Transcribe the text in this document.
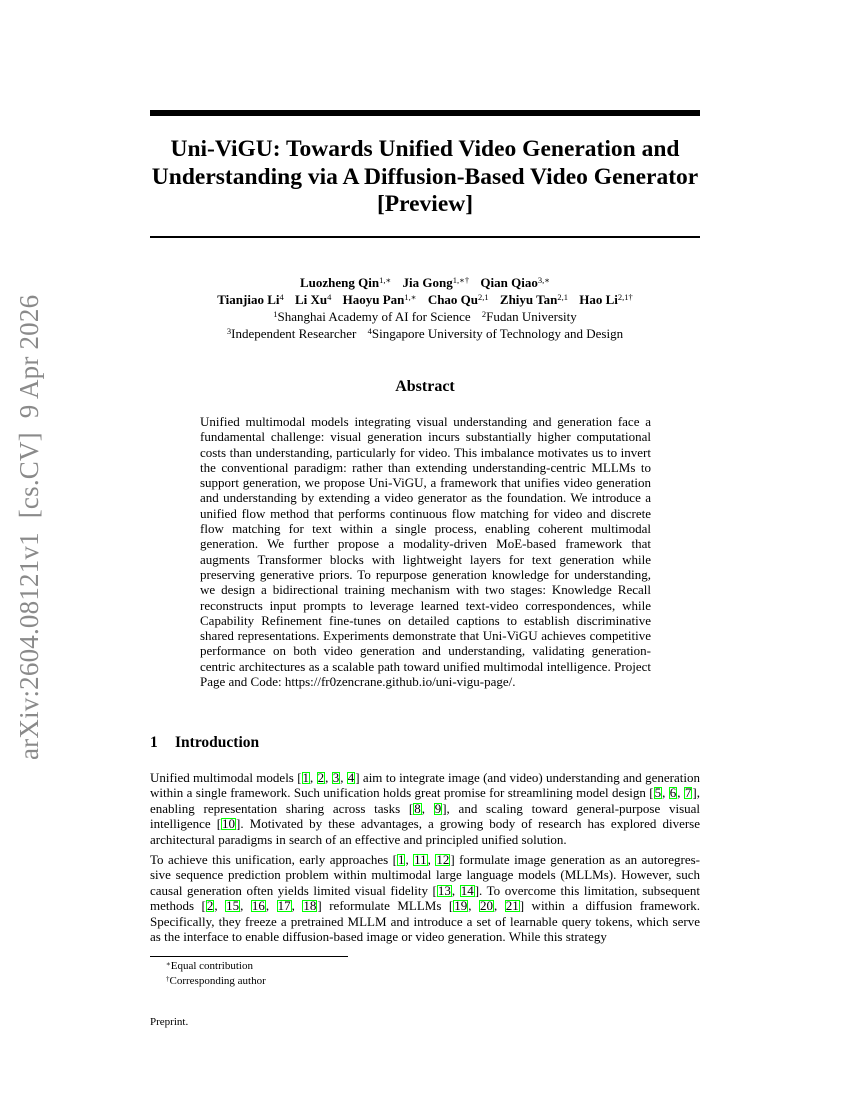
arXiv:2604.08121v1  [cs.CV]  9 Apr 2026
Uni-ViGU: Towards Unified Video Generation and
Understanding via A Diffusion-Based Video Generator
[Preview]
Luozheng Qin$^{1,∗}$ Jia Gong$^{1,∗\dagger}$ Qian Qiao$^{3,∗}$
Tianjiao Li$^4$ Li Xu$^4$ Haoyu Pan$^{1,∗}$ Chao Qu$^{2,1}$ Zhiyu Tan$^{2,1}$ Hao $Li^{2,1\dagger}$
$^1$Shanghai Academy of AI for Science $^2$Fudan University
$^3$Independent Researcher $^4$Singapore University of Technology and Design
Abstract

Unified multimodal models integrating visual understanding and generation face a fundamental challenge: visual generation incurs substantially higher computational costs than understanding, particularly for video. This imbalance motivates us to invert the conventional paradigm: rather than extending understanding-centric MLLMs to support generation, we propose Uni-ViGU, a framework that unifies video generation and understanding by extending a video generator as the foundation. We introduce a unified flow method that performs continuous flow matching for video and discrete flow matching for text within a single process, enabling coherent multimodal generation. We further propose a modality-driven MoE-based framework that augments Transformer blocks with lightweight layers for text generation while preserving generative priors. To repurpose generation knowledge for understanding, we design a bidirectional training mechanism with two stages: Knowledge Recall reconstructs input prompts to leverage learned text-video correspondences, while Capability Refinement fine-tunes on detailed captions to establish discriminative shared representations. Experiments demonstrate that Uni-ViGU achieves competitive performance on both video generation and understanding, validating generation-centric architectures as a scalable path toward unified multimodal intelligence. Project Page and Code: https://fr0zencrane.github.io/uni-vigu-page/.

1 Introduction

Unified multimodal models [1, 2, 3, 4] aim to integrate image (and video) understanding and generation within a single framework. Such unification holds great promise for streamlining model design [5, 6, 7], enabling representation sharing across tasks [8, 9], and scaling toward general-purpose visual intelligence [10]. Motivated by these advantages, a growing body of research has explored diverse architectural paradigms in search of an effective and principled unified solution.

To achieve this unification, early approaches [1, 11, 12] formulate image generation as an autoregressive sequence prediction problem within multimodal large language models (MLLMs). However, such causal generation often yields limited visual fidelity [13, 14]. To overcome this limitation, subsequent methods [2, 15, 16, 17, 18] reformulate MLLMs [19, 20, 21] within a diffusion framework. Specifically, they freeze a pretrained MLLM and introduce a set of learnable query tokens, which serve as the interface to enable diffusion-based image or video generation. While this strategy

∗Equal contribution
†Corresponding author
Preprint.
